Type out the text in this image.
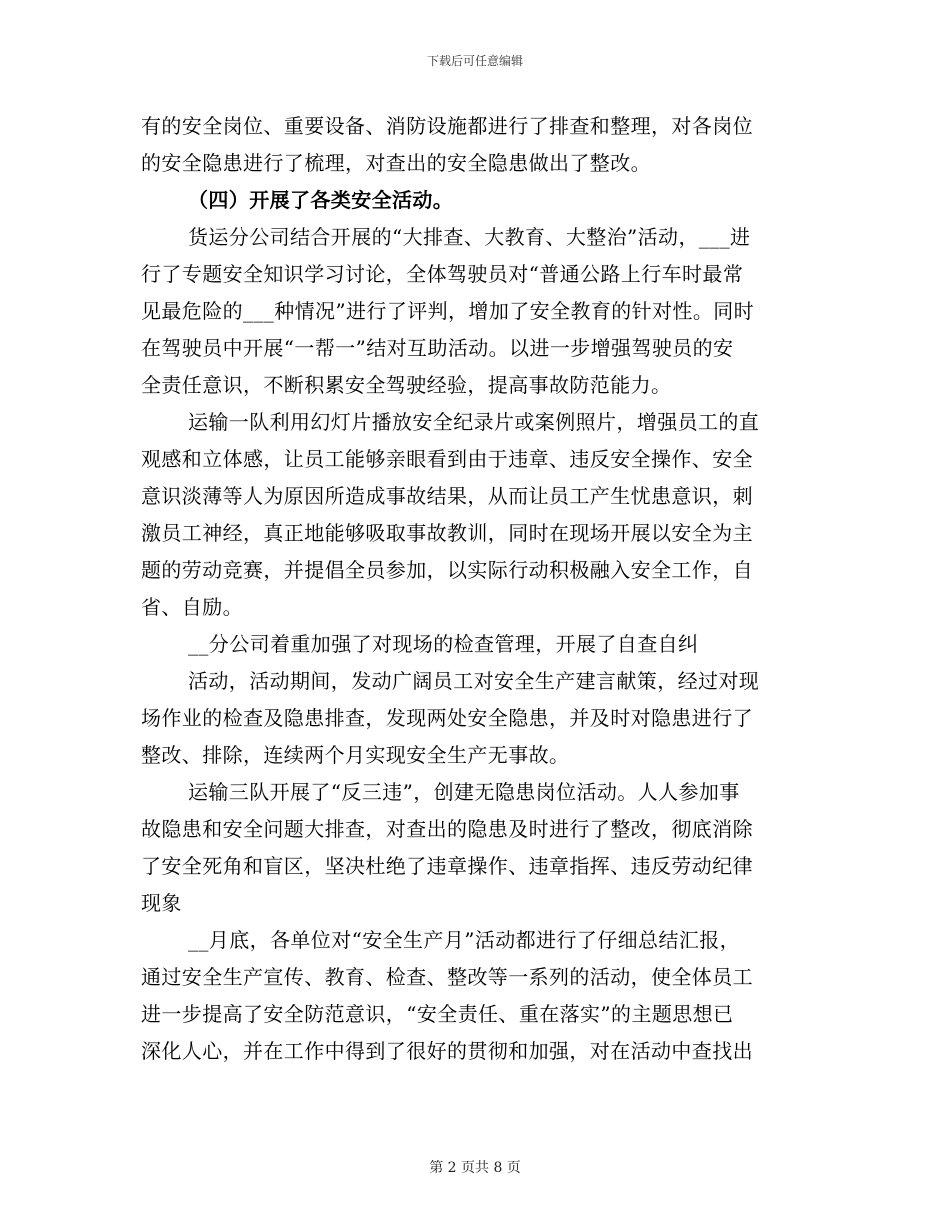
下载后可任意编辑
有的安全岗位、重要设备、消防设施都进行了排查和整理，对各岗位
的安全隐患进行了梳理，对查出的安全隐患做出了整改。
（四）开展了各类安全活动。
货运分公司结合开展的“大排查、大教育、大整治”活动，___进
行了专题安全知识学习讨论，全体驾驶员对“普通公路上行车时最常
见最危险的___种情况”进行了评判，增加了安全教育的针对性。同时
在驾驶员中开展“一帮一”结对互助活动。以进一步增强驾驶员的安
全责任意识，不断积累安全驾驶经验，提高事故防范能力。
运输一队利用幻灯片播放安全纪录片或案例照片，增强员工的直
观感和立体感，让员工能够亲眼看到由于违章、违反安全操作、安全
意识淡薄等人为原因所造成事故结果，从而让员工产生忧患意识，刺
激员工神经，真正地能够吸取事故教训，同时在现场开展以安全为主
题的劳动竞赛，并提倡全员参加，以实际行动积极融入安全工作，自
省、自励。
__分公司着重加强了对现场的检查管理，开展了自查自纠
活动，活动期间，发动广阔员工对安全生产建言献策，经过对现
场作业的检查及隐患排查，发现两处安全隐患，并及时对隐患进行了
整改、排除，连续两个月实现安全生产无事故。
运输三队开展了“反三违”，创建无隐患岗位活动。人人参加事
故隐患和安全问题大排查，对查出的隐患及时进行了整改，彻底消除
了安全死角和盲区，坚决杜绝了违章操作、违章指挥、违反劳动纪律
现象
__月底，各单位对“安全生产月”活动都进行了仔细总结汇报，
通过安全生产宣传、教育、检查、整改等一系列的活动，使全体员工
进一步提高了安全防范意识，“安全责任、重在落实”的主题思想已
深化人心，并在工作中得到了很好的贯彻和加强，对在活动中查找出
第 2 页共 8 页
